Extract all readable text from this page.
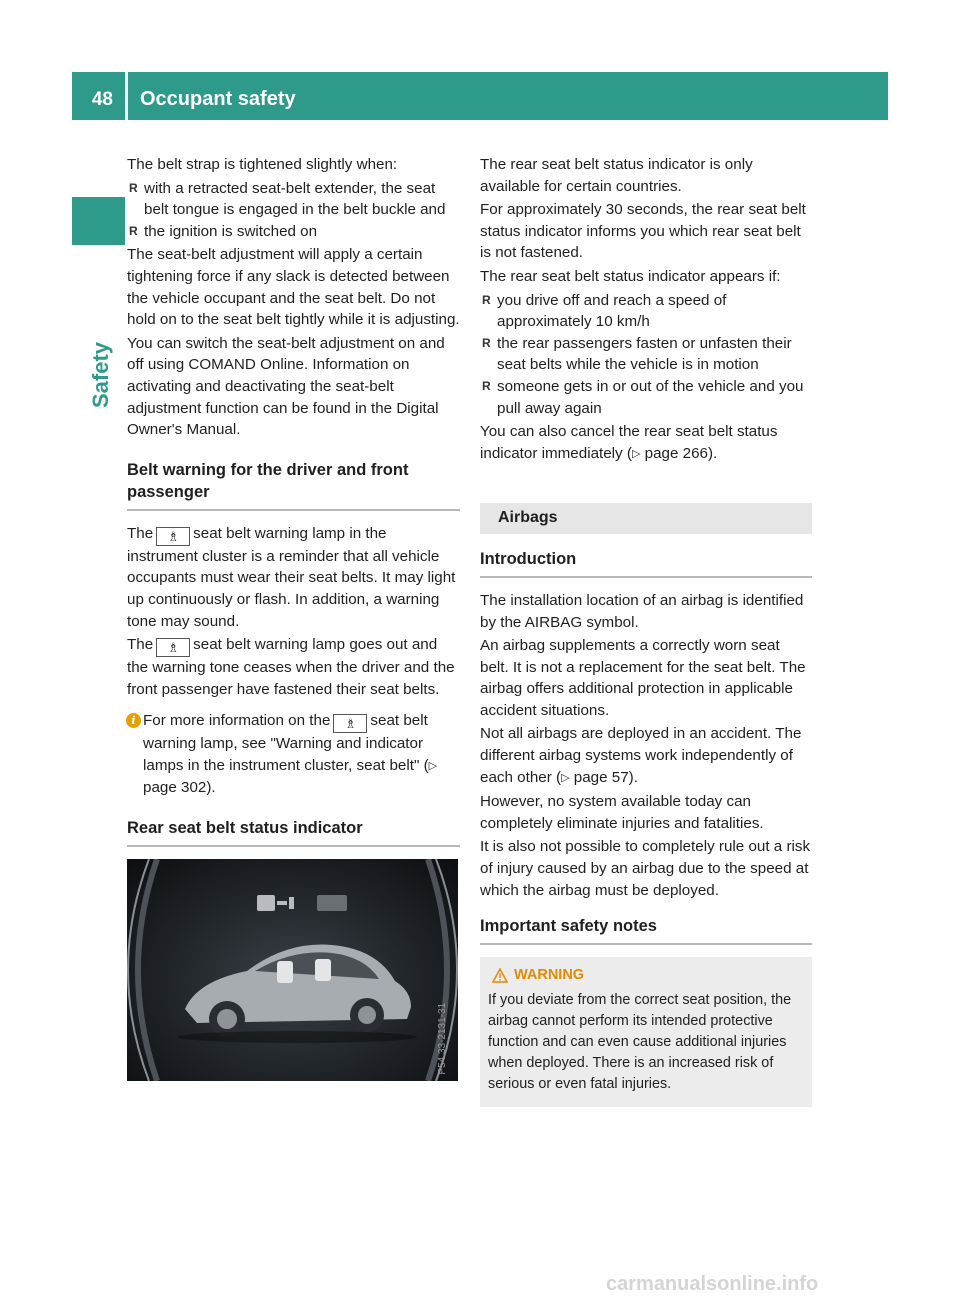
48 Occupant safety
Safety

The belt strap is tightened slightly when:

R with a retracted seat-belt extender, the seat belt tongue is engaged in the belt buckle and
R the ignition is switched on

The seat-belt adjustment will apply a certain tightening force if any slack is detected between the vehicle occupant and the seat belt. Do not hold on to the seat belt tightly while it is adjusting.

You can switch the seat-belt adjustment on and off using COMAND Online. Information on activating and deactivating the seat-belt adjustment function can be found in the Digital Owner's Manual.

Belt warning for the driver and front passenger

The ♗ seat belt warning lamp in the instrument cluster is a reminder that all vehicle occupants must wear their seat belts. It may light up continuously or flash. In addition, a warning tone may sound.

The ♗ seat belt warning lamp goes out and the warning tone ceases when the driver and the front passenger have fastened their seat belts.

i For more information on the ♗ seat belt warning lamp, see "Warning and indicator lamps in the instrument cluster, seat belt" (▷ page 302).
Rear seat belt status indicator
P54.33-2131-31

The rear seat belt status indicator is only available for certain countries.

For approximately 30 seconds, the rear seat belt status indicator informs you which rear seat belt is not fastened.

The rear seat belt status indicator appears if:

R you drive off and reach a speed of approximately 10 km/h
R the rear passengers fasten or unfasten their seat belts while the vehicle is in motion
R someone gets in or out of the vehicle and you pull away again

You can also cancel the rear seat belt status indicator immediately (▷ page 266).

Airbags
Introduction

The installation location of an airbag is identified by the AIRBAG symbol.

An airbag supplements a correctly worn seat belt. It is not a replacement for the seat belt. The airbag offers additional protection in applicable accident situations.

Not all airbags are deployed in an accident. The different airbag systems work independently of each other (▷ page 57).

However, no system available today can completely eliminate injuries and fatalities.

It is also not possible to completely rule out a risk of injury caused by an airbag due to the speed at which the airbag must be deployed.

Important safety notes
WARNING
If you deviate from the correct seat position, the airbag cannot perform its intended protective function and can even cause additional injuries when deployed. There is an increased risk of serious or even fatal injuries.
carmanualsonline.info
